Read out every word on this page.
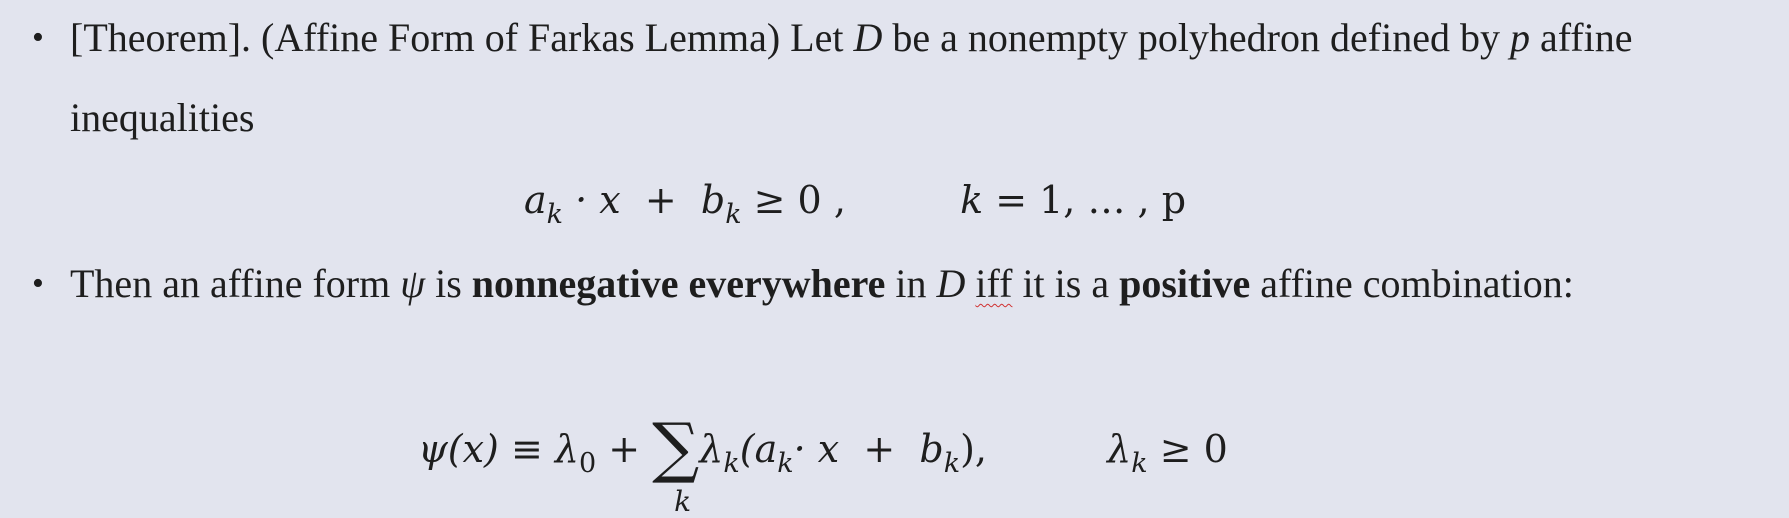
• [Theorem]. (Affine Form of Farkas Lemma) Let D be a nonempty polyhedron defined by p affine
inequalities
$a_k \cdot x + b_k \ge 0$ ,	k = 1, … , p
• Then an affine form ψ is nonnegative everywhere in D iff it is a positive affine combination:
$\psi(x) \equiv \lambda_0$ + ∑
k
$\lambda_k(a_k\cdot x + b_k)$,	$\lambda_k \ge 0$
